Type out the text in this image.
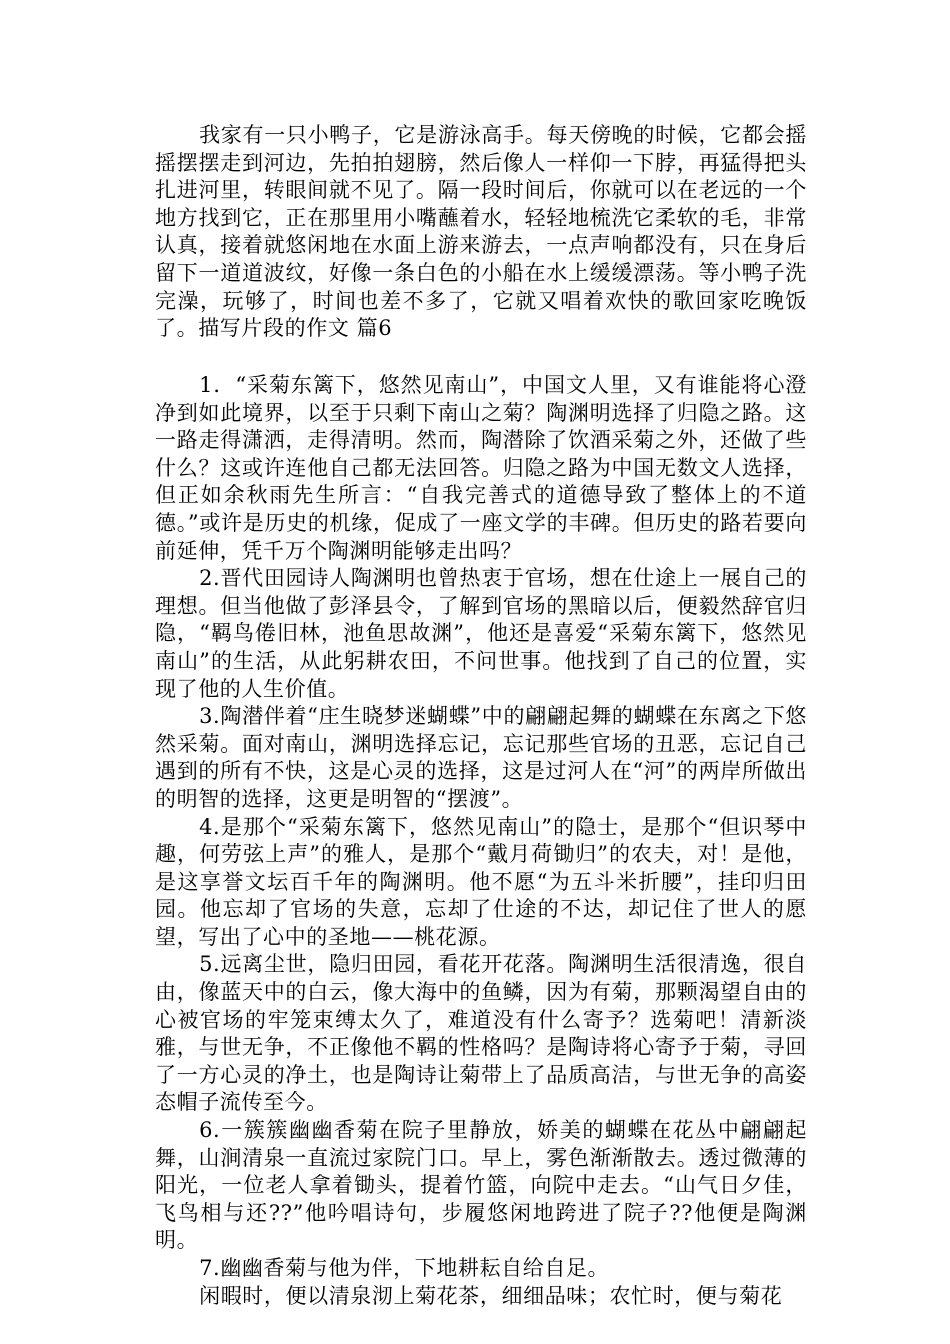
我家有一只小鸭子，它是游泳高手。每天傍晚的时候，它都会摇摇摆摆走到河边，先拍拍翅膀，然后像人一样仰一下脖，再猛得把头扎进河里，转眼间就不见了。隔一段时间后，你就可以在老远的一个地方找到它，正在那里用小嘴蘸着水，轻轻地梳洗它柔软的毛，非常认真，接着就悠闲地在水面上游来游去，一点声响都没有，只在身后留下一道道波纹，好像一条白色的小船在水上缓缓漂荡。等小鸭子洗完澡，玩够了，时间也差不多了，它就又唱着欢快的歌回家吃晚饭了。描写片段的作文 篇6

1．“采菊东篱下，悠然见南山”，中国文人里，又有谁能将心澄净到如此境界，以至于只剩下南山之菊？陶渊明选择了归隐之路。这一路走得潇洒，走得清明。然而，陶潜除了饮酒采菊之外，还做了些什么？这或许连他自己都无法回答。归隐之路为中国无数文人选择，但正如余秋雨先生所言：“自我完善式的道德导致了整体上的不道德。”或许是历史的机缘，促成了一座文学的丰碑。但历史的路若要向前延伸，凭千万个陶渊明能够走出吗？

2.晋代田园诗人陶渊明也曾热衷于官场，想在仕途上一展自己的理想。但当他做了彭泽县令，了解到官场的黑暗以后，便毅然辞官归隐，“羁鸟倦旧林，池鱼思故渊”，他还是喜爱“采菊东篱下，悠然见南山”的生活，从此躬耕农田，不问世事。他找到了自己的位置，实现了他的人生价值。

3.陶潜伴着“庄生晓梦迷蝴蝶”中的翩翩起舞的蝴蝶在东离之下悠然采菊。面对南山，渊明选择忘记，忘记那些官场的丑恶，忘记自己遇到的所有不快，这是心灵的选择，这是过河人在“河”的两岸所做出的明智的选择，这更是明智的“摆渡”。

4.是那个“采菊东篱下，悠然见南山”的隐士，是那个“但识琴中趣，何劳弦上声”的雅人，是那个“戴月荷锄归”的农夫，对！是他，是这享誉文坛百千年的陶渊明。他不愿“为五斗米折腰”，挂印归田园。他忘却了官场的失意，忘却了仕途的不达，却记住了世人的愿望，写出了心中的圣地——桃花源。

5.远离尘世，隐归田园，看花开花落。陶渊明生活很清逸，很自由，像蓝天中的白云，像大海中的鱼鳞，因为有菊，那颗渴望自由的心被官场的牢笼束缚太久了，难道没有什么寄予？选菊吧！清新淡雅，与世无争，不正像他不羁的性格吗？是陶诗将心寄予于菊，寻回了一方心灵的净土，也是陶诗让菊带上了品质高洁，与世无争的高姿态帽子流传至今。

6.一簇簇幽幽香菊在院子里静放，娇美的蝴蝶在花丛中翩翩起舞，山涧清泉一直流过家院门口。早上，雾色渐渐散去。透过微薄的阳光，一位老人拿着锄头，提着竹篮，向院中走去。“山气日夕佳，飞鸟相与还??”他吟唱诗句，步履悠闲地跨进了院子??他便是陶渊明。

7.幽幽香菊与他为伴，下地耕耘自给自足。

闲暇时，便以清泉沏上菊花茶，细细品味；农忙时，便与菊花
